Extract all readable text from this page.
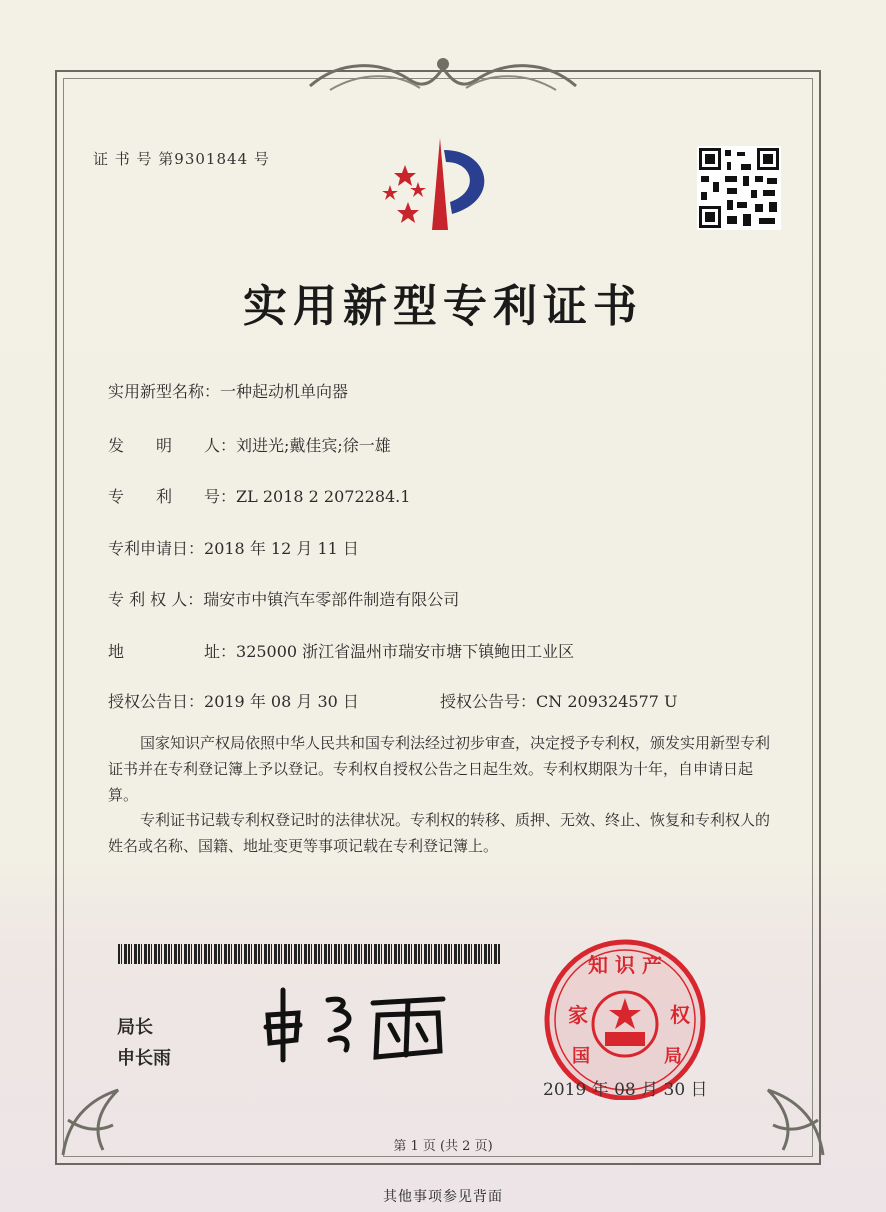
证 书 号 第9301844 号
实用新型专利证书
实用新型名称：一种起动机单向器
发　　明　　人：刘进光;戴佳宾;徐一雄
专　　利　　号：ZL 2018 2 2072284.1
专利申请日：2018 年 12 月 11 日
专 利 权 人：瑞安市中镇汽车零部件制造有限公司
地　　　　　址：325000 浙江省温州市瑞安市塘下镇鲍田工业区
授权公告日：2019 年 08 月 30 日	授权公告号：CN 209324577 U
国家知识产权局依照中华人民共和国专利法经过初步审查，决定授予专利权，颁发实用新型专利证书并在专利登记簿上予以登记。专利权自授权公告之日起生效。专利权期限为十年，自申请日起算。
专利证书记载专利权登记时的法律状况。专利权的转移、质押、无效、终止、恢复和专利权人的姓名或名称、国籍、地址变更等事项记载在专利登记簿上。
局长
申长雨
知 识 产
家	权
国	局
2019 年 08 月 30 日
第 1 页 (共 2 页)
其他事项参见背面
